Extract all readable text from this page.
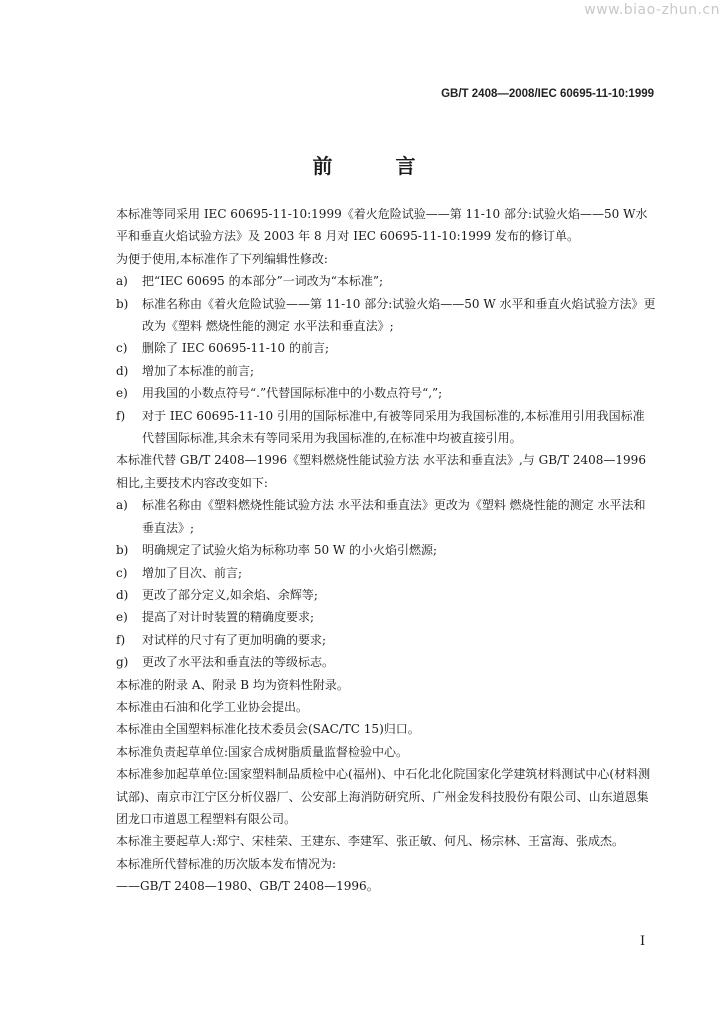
www.biao-zhun.cn
GB/T 2408—2008/IEC 60695-11-10:1999
前 言

本标准等同采用 IEC 60695-11-10:1999《着火危险试验——第 11-10 部分:试验火焰——50 W水平和垂直火焰试验方法》及 2003 年 8 月对 IEC 60695-11-10:1999 发布的修订单。

为便于使用,本标准作了下列编辑性修改:

a)	把“IEC 60695 的本部分”一词改为“本标准”;
b)	标准名称由《着火危险试验——第 11-10 部分:试验火焰——50 W 水平和垂直火焰试验方法》更改为《塑料 燃烧性能的测定 水平法和垂直法》;
c)	删除了 IEC 60695-11-10 的前言;
d)	增加了本标准的前言;
e)	用我国的小数点符号“.”代替国际标准中的小数点符号“,”;
f)	对于 IEC 60695-11-10 引用的国际标准中,有被等同采用为我国标准的,本标准用引用我国标准代替国际标准,其余未有等同采用为我国标准的,在标准中均被直接引用。

本标准代替 GB/T 2408—1996《塑料燃烧性能试验方法 水平法和垂直法》,与 GB/T 2408—1996 相比,主要技术内容改变如下:

a)	标准名称由《塑料燃烧性能试验方法 水平法和垂直法》更改为《塑料 燃烧性能的测定 水平法和垂直法》;
b)	明确规定了试验火焰为标称功率 50 W 的小火焰引燃源;
c)	增加了目次、前言;
d)	更改了部分定义,如余焰、余辉等;
e)	提高了对计时装置的精确度要求;
f)	对试样的尺寸有了更加明确的要求;
g)	更改了水平法和垂直法的等级标志。

本标准的附录 A、附录 B 均为资料性附录。

本标准由石油和化学工业协会提出。

本标准由全国塑料标准化技术委员会(SAC/TC 15)归口。

本标准负责起草单位:国家合成树脂质量监督检验中心。

本标准参加起草单位:国家塑料制品质检中心(福州)、中石化北化院国家化学建筑材料测试中心(材料测试部)、南京市江宁区分析仪器厂、公安部上海消防研究所、广州金发科技股份有限公司、山东道恩集团龙口市道恩工程塑料有限公司。

本标准主要起草人:郑宁、宋桂荣、王建东、李建军、张正敏、何凡、杨宗林、王富海、张成杰。

本标准所代替标准的历次版本发布情况为:

——GB/T 2408—1980、GB/T 2408—1996。

I
